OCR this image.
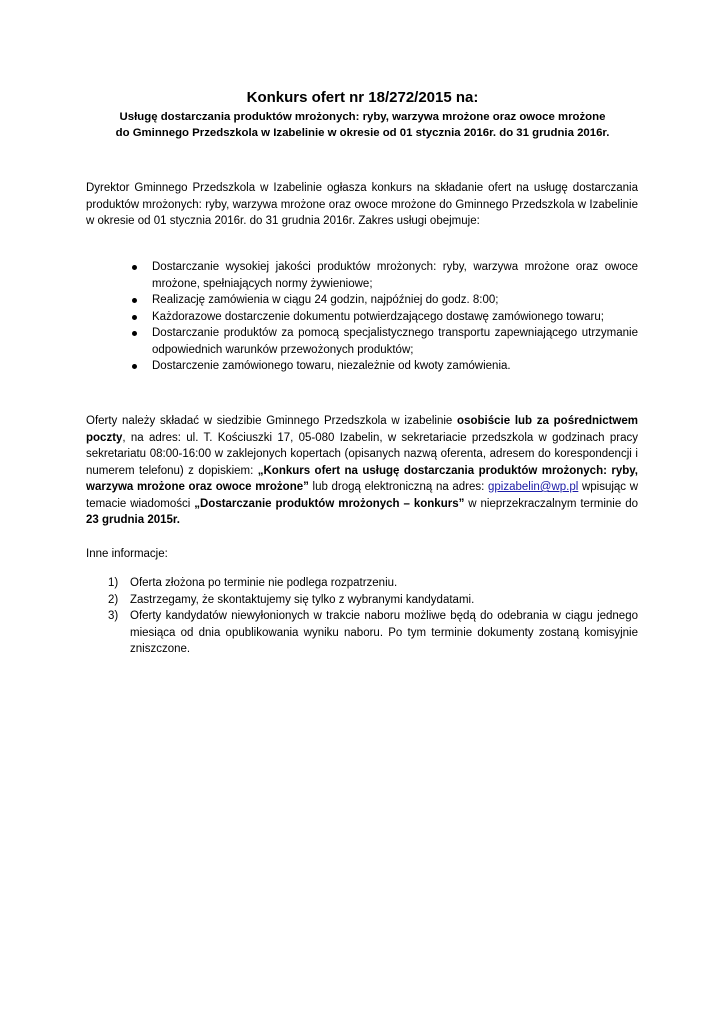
Konkurs ofert nr 18/272/2015 na:
Usługę dostarczania produktów mrożonych: ryby, warzywa mrożone oraz owoce mrożone
do Gminnego Przedszkola w Izabelinie w okresie od 01 stycznia 2016r. do 31 grudnia 2016r.

Dyrektor Gminnego Przedszkola w Izabelinie ogłasza konkurs na składanie ofert na usługę dostarczania produktów mrożonych: ryby, warzywa mrożone oraz owoce mrożone do Gminnego Przedszkola w Izabelinie w okresie od 01 stycznia 2016r. do 31 grudnia 2016r. Zakres usługi obejmuje:

Dostarczanie wysokiej jakości produktów mrożonych: ryby, warzywa mrożone oraz owoce mrożone, spełniających normy żywieniowe;
Realizację zamówienia w ciągu 24 godzin, najpóźniej do godz. 8:00;
Każdorazowe dostarczenie dokumentu potwierdzającego dostawę zamówionego towaru;
Dostarczanie produktów za pomocą specjalistycznego transportu zapewniającego utrzymanie odpowiednich warunków przewożonych produktów;
Dostarczenie zamówionego towaru, niezależnie od kwoty zamówienia.

Oferty należy składać w siedzibie Gminnego Przedszkola w izabelinie osobiście lub za pośrednictwem poczty, na adres: ul. T. Kościuszki 17, 05-080 Izabelin, w sekretariacie przedszkola w godzinach pracy sekretariatu 08:00-16:00 w zaklejonych kopertach (opisanych nazwą oferenta, adresem do korespondencji i numerem telefonu) z dopiskiem: „Konkurs ofert na usługę dostarczania produktów mrożonych: ryby, warzywa mrożone oraz owoce mrożone” lub drogą elektroniczną na adres: gpizabelin@wp.pl wpisując w temacie wiadomości „Dostarczanie produktów mrożonych – konkurs” w nieprzekraczalnym terminie do 23 grudnia 2015r.

Inne informacje:

1) Oferta złożona po terminie nie podlega rozpatrzeniu.
2) Zastrzegamy, że skontaktujemy się tylko z wybranymi kandydatami.
3) Oferty kandydatów niewyłonionych w trakcie naboru możliwe będą do odebrania w ciągu jednego miesiąca od dnia opublikowania wyniku naboru. Po tym terminie dokumenty zostaną komisyjnie zniszczone.
